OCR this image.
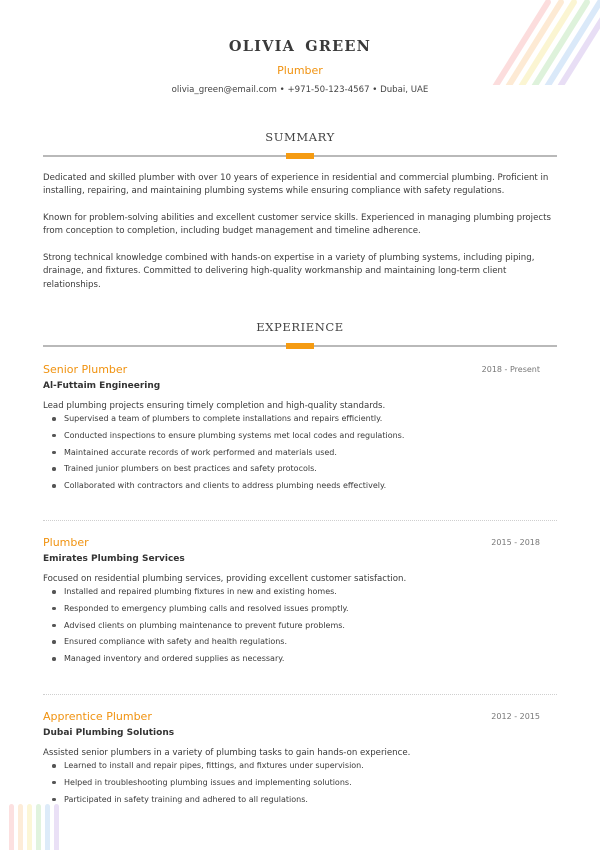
OLIVIA GREEN
Plumber
olivia_green@email.com • +971-50-123-4567 • Dubai, UAE
SUMMARY
Dedicated and skilled plumber with over 10 years of experience in residential and commercial plumbing. Proficient in installing, repairing, and maintaining plumbing systems while ensuring compliance with safety regulations.
Known for problem-solving abilities and excellent customer service skills. Experienced in managing plumbing projects from conception to completion, including budget management and timeline adherence.
Strong technical knowledge combined with hands-on expertise in a variety of plumbing systems, including piping, drainage, and fixtures. Committed to delivering high-quality workmanship and maintaining long-term client relationships.
EXPERIENCE
Senior Plumber	2018 - Present
Al-Futtaim Engineering
Lead plumbing projects ensuring timely completion and high-quality standards.
Supervised a team of plumbers to complete installations and repairs efficiently.
Conducted inspections to ensure plumbing systems met local codes and regulations.
Maintained accurate records of work performed and materials used.
Trained junior plumbers on best practices and safety protocols.
Collaborated with contractors and clients to address plumbing needs effectively.
Plumber	2015 - 2018
Emirates Plumbing Services
Focused on residential plumbing services, providing excellent customer satisfaction.
Installed and repaired plumbing fixtures in new and existing homes.
Responded to emergency plumbing calls and resolved issues promptly.
Advised clients on plumbing maintenance to prevent future problems.
Ensured compliance with safety and health regulations.
Managed inventory and ordered supplies as necessary.
Apprentice Plumber	2012 - 2015
Dubai Plumbing Solutions
Assisted senior plumbers in a variety of plumbing tasks to gain hands-on experience.
Learned to install and repair pipes, fittings, and fixtures under supervision.
Helped in troubleshooting plumbing issues and implementing solutions.
Participated in safety training and adhered to all regulations.
